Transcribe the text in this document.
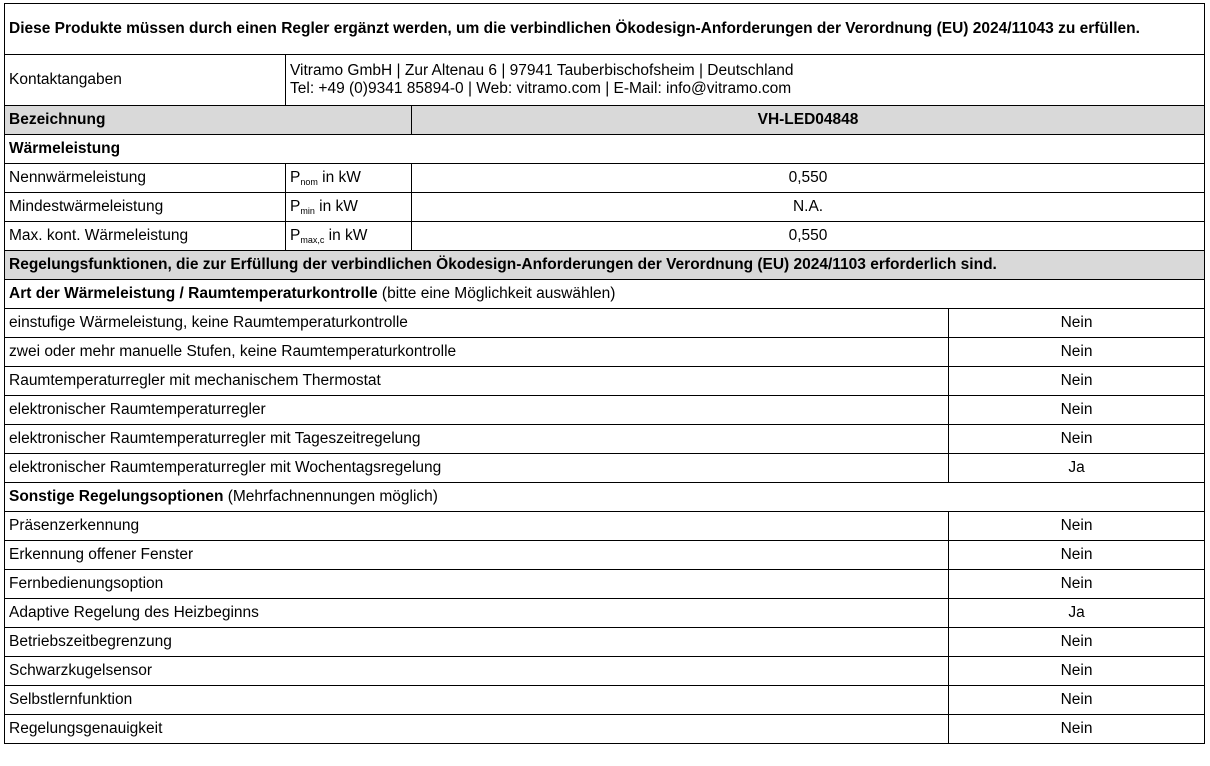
Diese Produkte müssen durch einen Regler ergänzt werden, um die verbindlichen Ökodesign-Anforderungen der Verordnung (EU) 2024/11043 zu erfüllen.			
Kontaktangaben	Vitramo GmbH | Zur Altenau 6 | 97941 Tauberbischofsheim | Deutschland
Tel: +49 (0)9341 85894-0 | Web: vitramo.com | E-Mail: info@vitramo.com		

Bezeichnung		VH-LED04848	
Wärmeleistung			
Nennwärmeleistung	$P_{nom}$ in kW	0,550	
Mindestwärmeleistung	$P_{min}$ in kW	N.A.	
Max. kont. Wärmeleistung	$P_{max,c}$ in kW	0,550	
Regelungsfunktionen, die zur Erfüllung der verbindlichen Ökodesign-Anforderungen der Verordnung (EU) 2024/1103 erforderlich sind.			
Art der Wärmeleistung / Raumtemperaturkontrolle (bitte eine Möglichkeit auswählen)			
einstufige Wärmeleistung, keine Raumtemperaturkontrolle			Nein
zwei oder mehr manuelle Stufen, keine Raumtemperaturkontrolle			Nein
Raumtemperaturregler mit mechanischem Thermostat			Nein
elektronischer Raumtemperaturregler			Nein
elektronischer Raumtemperaturregler mit Tageszeitregelung			Nein
elektronischer Raumtemperaturregler mit Wochentagsregelung			Ja
Sonstige Regelungsoptionen (Mehrfachnennungen möglich)			
Präsenzerkennung			Nein
Erkennung offener Fenster			Nein
Fernbedienungsoption			Nein
Adaptive Regelung des Heizbeginns			Ja
Betriebszeitbegrenzung			Nein
Schwarzkugelsensor			Nein
Selbstlernfunktion			Nein
Regelungsgenauigkeit			Nein
